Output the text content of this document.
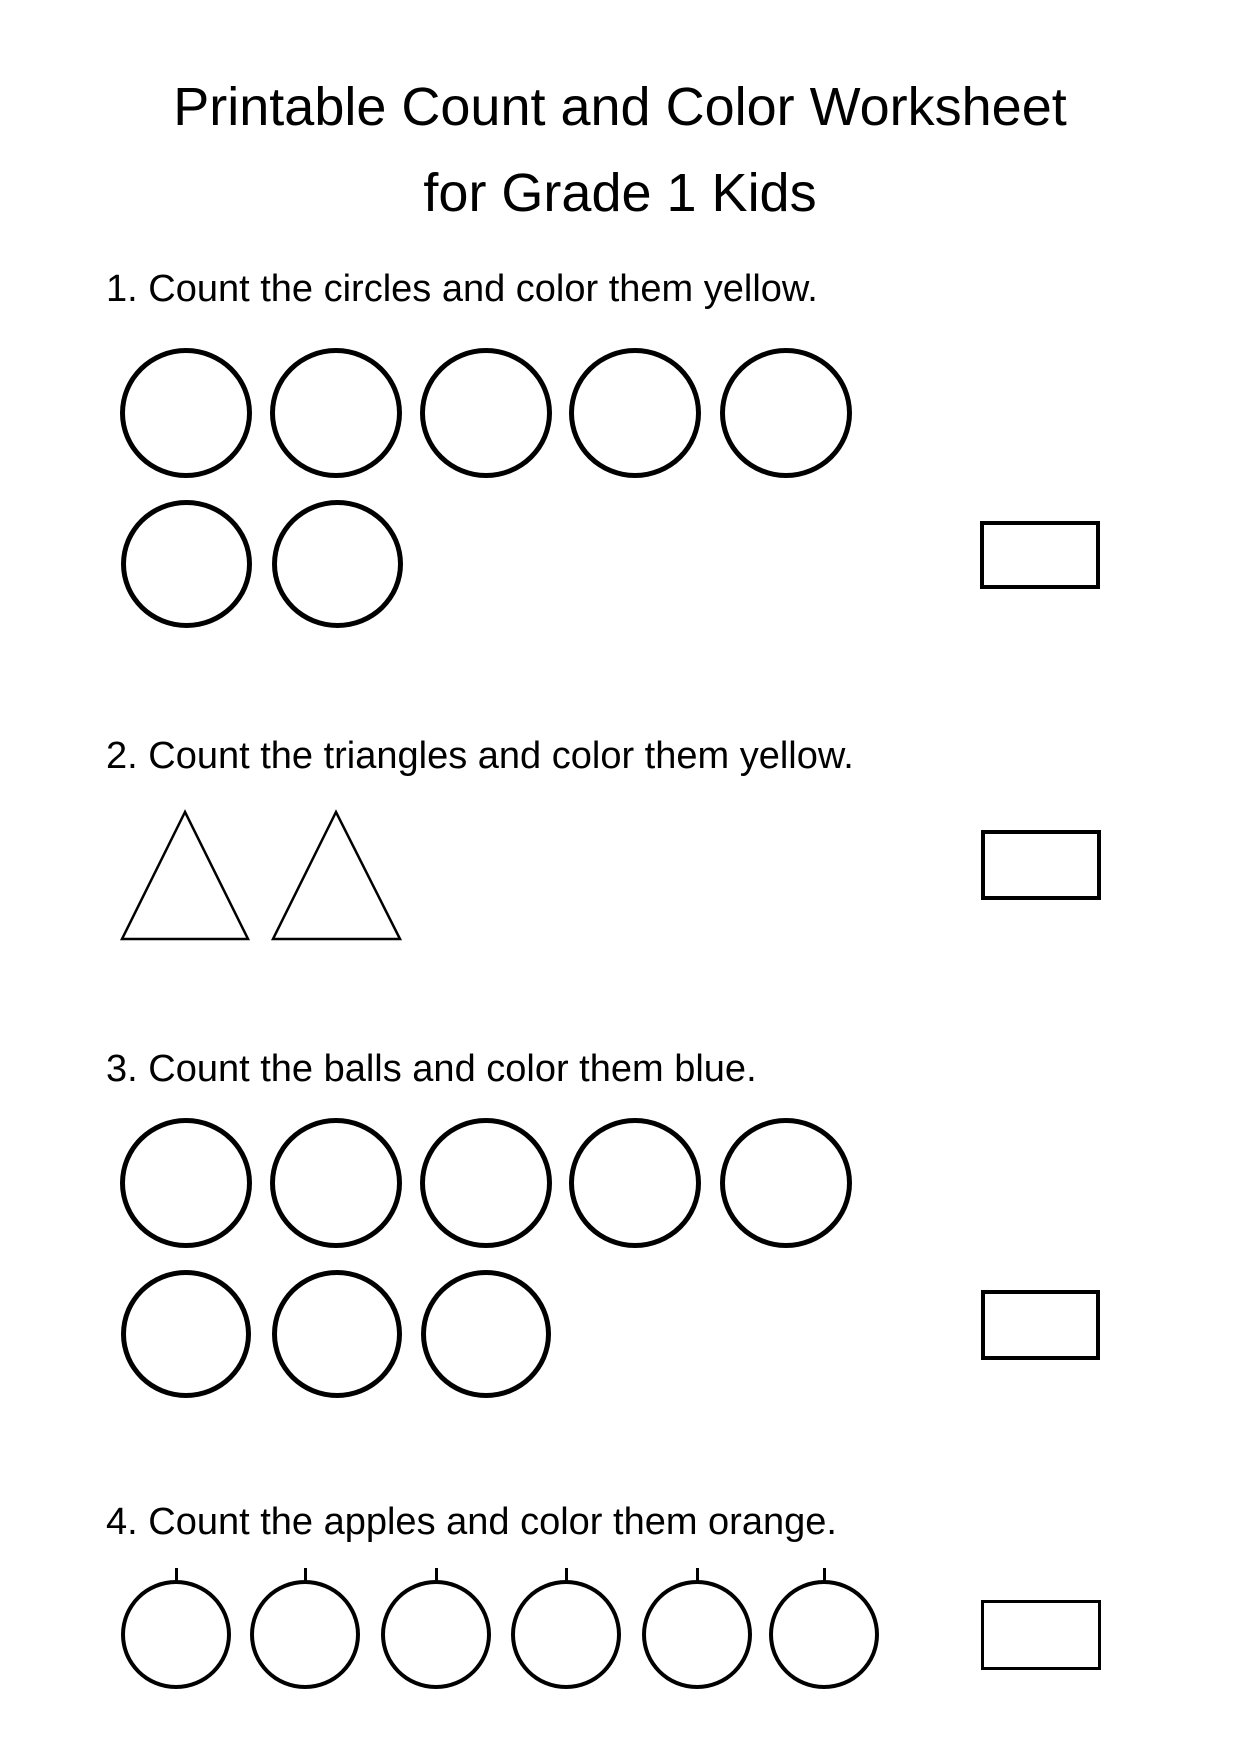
Printable Count and Color Worksheet
for Grade 1 Kids
1. Count the circles and color them yellow.
2. Count the triangles and color them yellow.
3. Count the balls and color them blue.
4. Count the apples and color them orange.
